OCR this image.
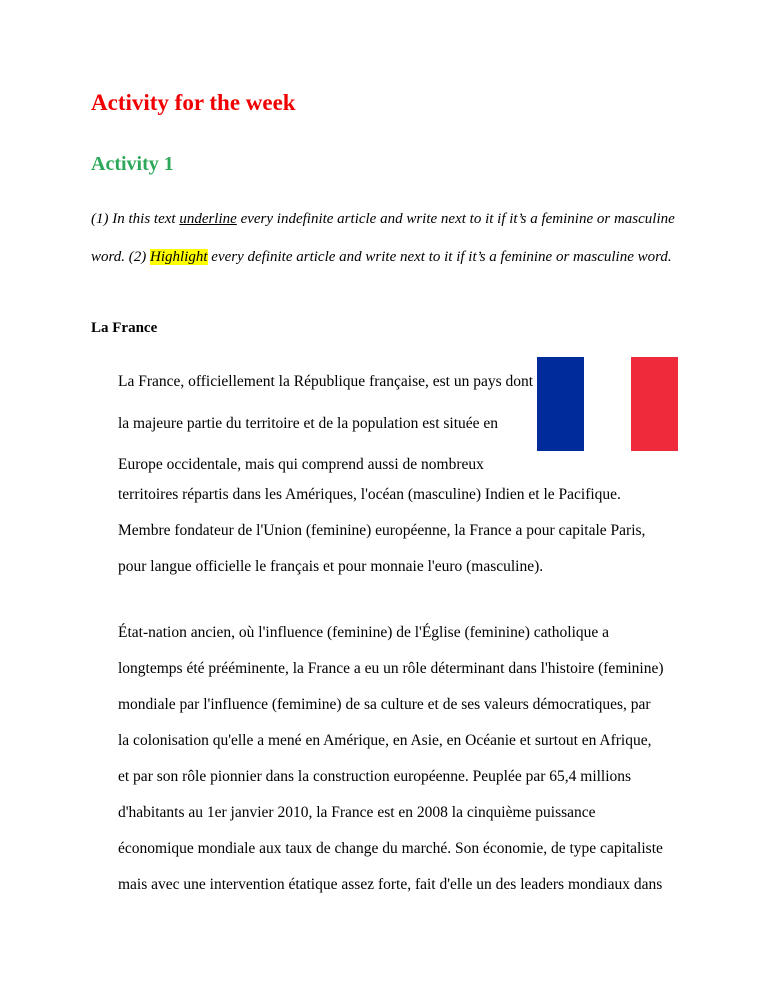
Activity for the week
Activity 1

(1) In this text underline every indefinite article and write next to it if it’s a feminine or masculine word. (2) Highlight every definite article and write next to it if it’s a feminine or masculine word.

La France

La France, officiellement la République française, est un pays dont

la majeure partie du territoire et de la population est située en

Europe occidentale, mais qui comprend aussi de nombreux

territoires répartis dans les Amériques, l'océan (masculine) Indien et le Pacifique.

Membre fondateur de l'Union (feminine) européenne, la France a pour capitale Paris,

pour langue officielle le français et pour monnaie l'euro (masculine).

État-nation ancien, où l'influence (feminine) de l'Église (feminine) catholique a

longtemps été prééminente, la France a eu un rôle déterminant dans l'histoire (feminine)

mondiale par l'influence (femimine) de sa culture et de ses valeurs démocratiques, par

la colonisation qu'elle a mené en Amérique, en Asie, en Océanie et surtout en Afrique,

et par son rôle pionnier dans la construction européenne. Peuplée par 65,4 millions

d'habitants au 1er janvier 2010, la France est en 2008 la cinquième puissance

économique mondiale aux taux de change du marché. Son économie, de type capitaliste

mais avec une intervention étatique assez forte, fait d'elle un des leaders mondiaux dans
